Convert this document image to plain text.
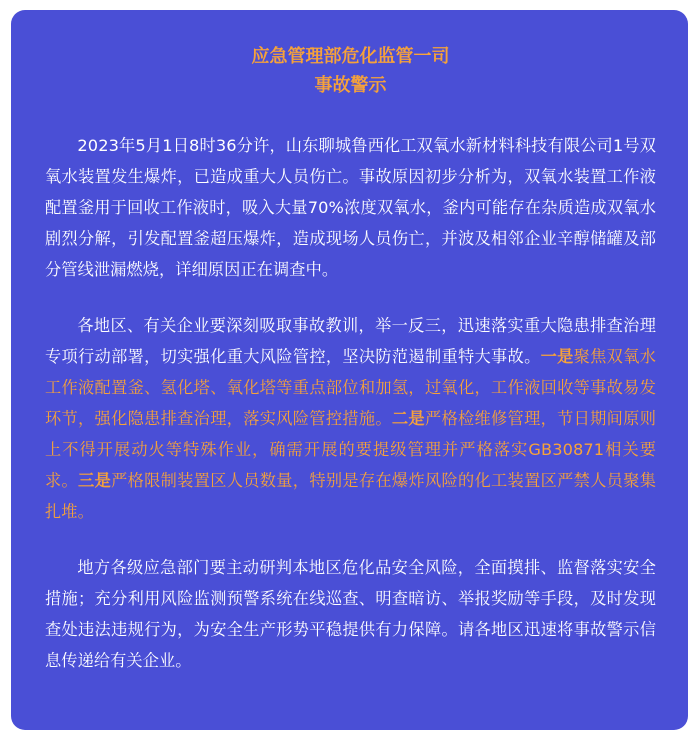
应急管理部危化监管一司

事故警示

2023年5月1日8时36分许，山东聊城鲁西化工双氧水新材料科技有限公司1号双氧水装置发生爆炸，已造成重大人员伤亡。事故原因初步分析为，双氧水装置工作液配置釜用于回收工作液时，吸入大量70%浓度双氧水，釜内可能存在杂质造成双氧水剧烈分解，引发配置釜超压爆炸，造成现场人员伤亡，并波及相邻企业辛醇储罐及部分管线泄漏燃烧，详细原因正在调查中。

各地区、有关企业要深刻吸取事故教训，举一反三，迅速落实重大隐患排查治理专项行动部署，切实强化重大风险管控，坚决防范遏制重特大事故。一是聚焦双氧水工作液配置釜、氢化塔、氧化塔等重点部位和加氢，过氧化，工作液回收等事故易发环节，强化隐患排查治理，落实风险管控措施。二是严格检维修管理，节日期间原则上不得开展动火等特殊作业，确需开展的要提级管理并严格落实GB30871相关要求。三是严格限制装置区人员数量，特别是存在爆炸风险的化工装置区严禁人员聚集扎堆。

地方各级应急部门要主动研判本地区危化品安全风险，全面摸排、监督落实安全措施；充分利用风险监测预警系统在线巡查、明查暗访、举报奖励等手段，及时发现查处违法违规行为，为安全生产形势平稳提供有力保障。请各地区迅速将事故警示信息传递给有关企业。
